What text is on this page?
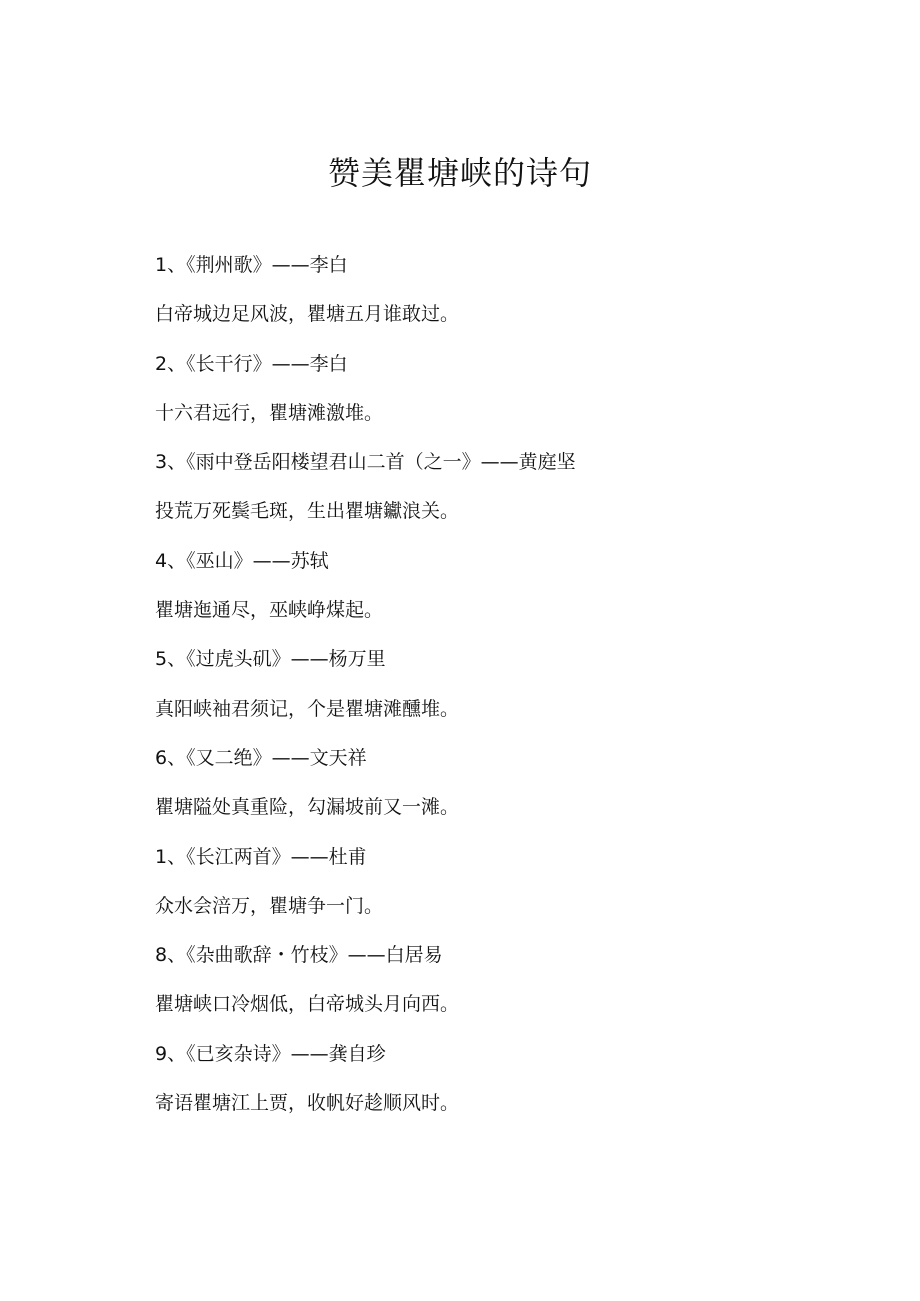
赞美瞿塘峡的诗句
1、《荆州歌》——李白
白帝城边足风波，瞿塘五月谁敢过。
2、《长干行》——李白
十六君远行，瞿塘滩激堆。
3、《雨中登岳阳楼望君山二首（之一》——黄庭坚
投荒万死鬓毛斑，生出瞿塘钀浪关。
4、《巫山》——苏轼
瞿塘迤通尽，巫峡峥煤起。
5、《过虎头矶》——杨万里
真阳峡袖君须记，个是瞿塘滩醺堆。
6、《又二绝》——文天祥
瞿塘隘处真重险，勾漏坡前又一滩。
1、《长江两首》——杜甫
众水会涪万，瞿塘争一门。
8、《杂曲歌辞・竹枝》——白居易
瞿塘峡口冷烟低，白帝城头月向西。
9、《已亥杂诗》——龚自珍
寄语瞿塘江上贾，收帆好趁顺风时。
